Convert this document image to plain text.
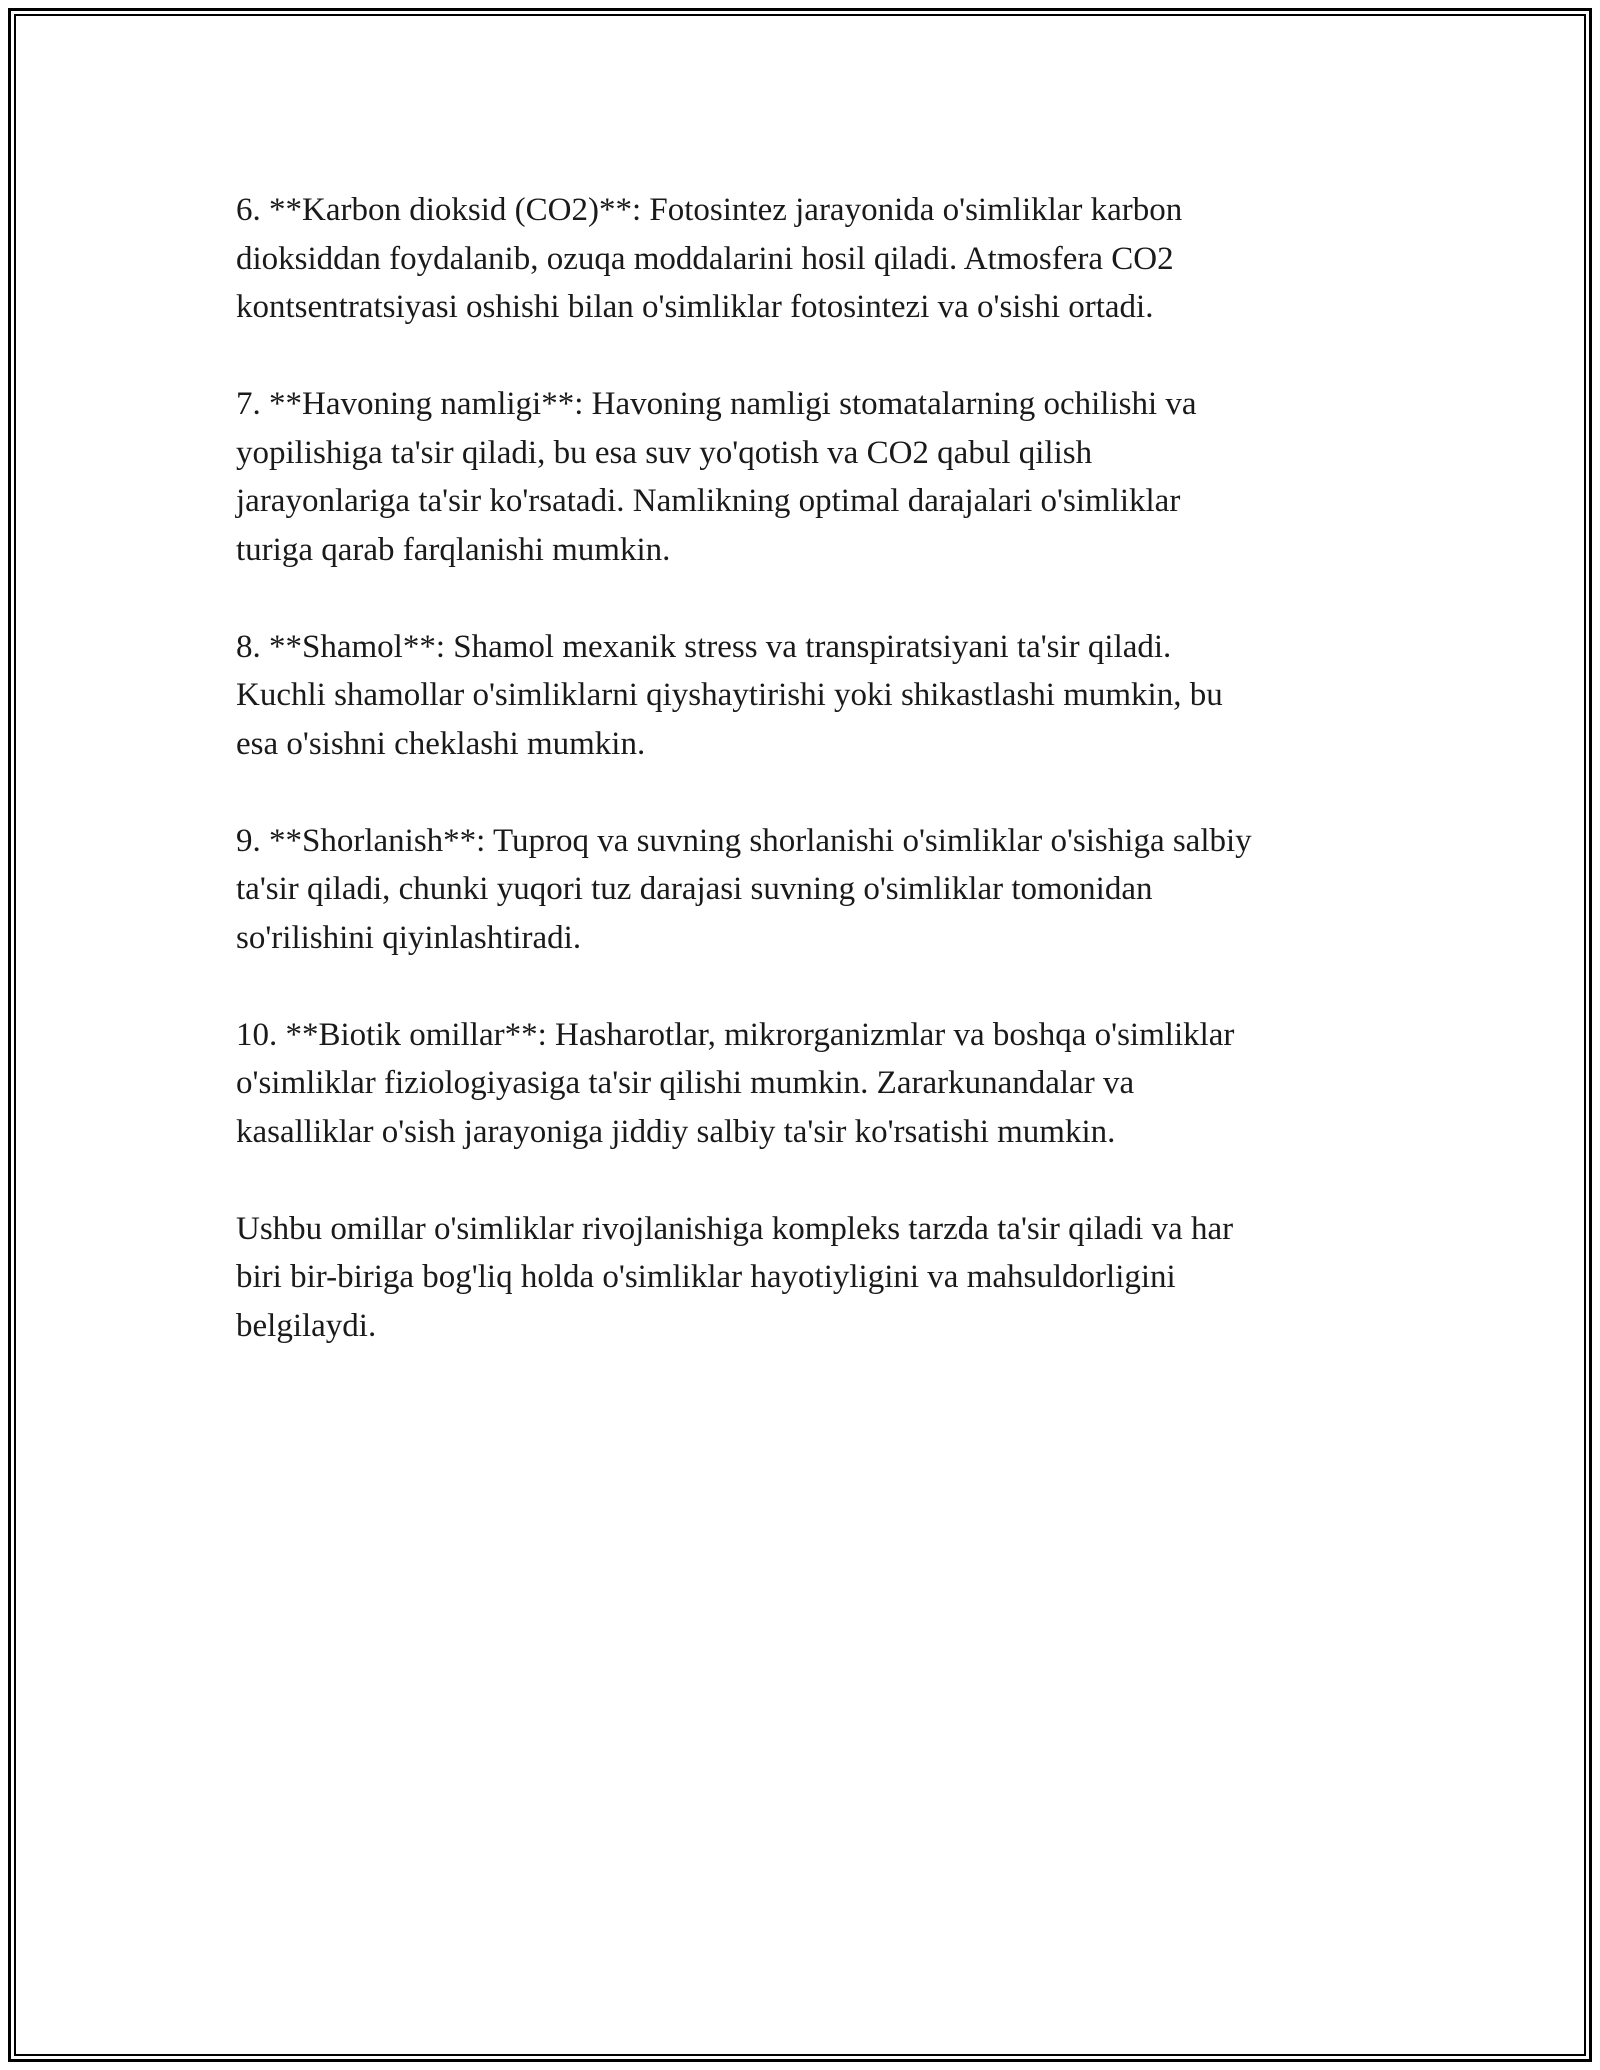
6. **Karbon dioksid (CO2)**: Fotosintez jarayonida o'simliklar karbon
dioksiddan foydalanib, ozuqa moddalarini hosil qiladi. Atmosfera CO2
kontsentratsiyasi oshishi bilan o'simliklar fotosintezi va o'sishi ortadi.

7. **Havoning namligi**: Havoning namligi stomatalarning ochilishi va
yopilishiga ta'sir qiladi, bu esa suv yo'qotish va CO2 qabul qilish
jarayonlariga ta'sir ko'rsatadi. Namlikning optimal darajalari o'simliklar
turiga qarab farqlanishi mumkin.

8. **Shamol**: Shamol mexanik stress va transpiratsiyani ta'sir qiladi.
Kuchli shamollar o'simliklarni qiyshaytirishi yoki shikastlashi mumkin, bu
esa o'sishni cheklashi mumkin.

9. **Shorlanish**: Tuproq va suvning shorlanishi o'simliklar o'sishiga salbiy
ta'sir qiladi, chunki yuqori tuz darajasi suvning o'simliklar tomonidan
so'rilishini qiyinlashtiradi.

10. **Biotik omillar**: Hasharotlar, mikrorganizmlar va boshqa o'simliklar
o'simliklar fiziologiyasiga ta'sir qilishi mumkin. Zararkunandalar va
kasalliklar o'sish jarayoniga jiddiy salbiy ta'sir ko'rsatishi mumkin.

Ushbu omillar o'simliklar rivojlanishiga kompleks tarzda ta'sir qiladi va har
biri bir-biriga bog'liq holda o'simliklar hayotiyligini va mahsuldorligini
belgilaydi.
